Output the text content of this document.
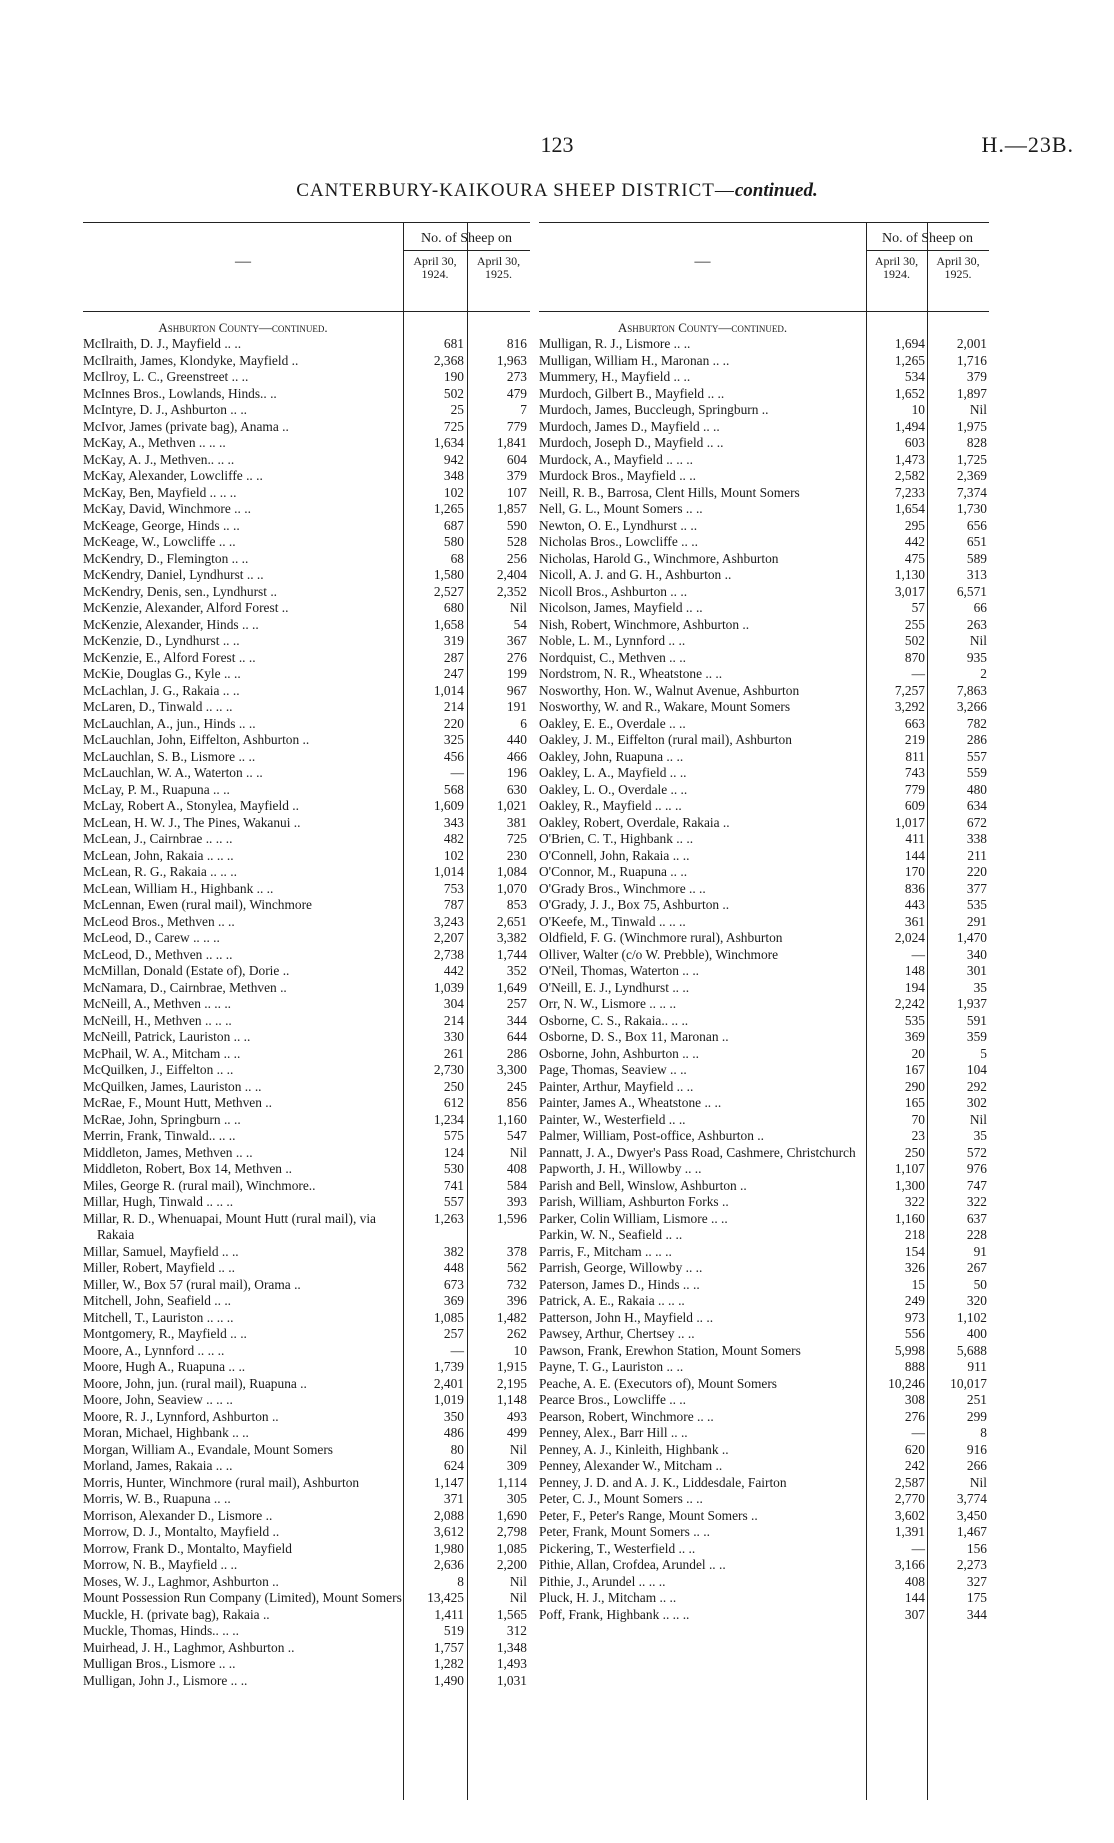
123	H.—23B.
CANTERBURY-KAIKOURA SHEEP DISTRICT—continued.
—
No. of Sheep on
April 30,
1924.
April 30,
1925.
Ashburton County—continued.
McIlraith, D. J., Mayfield .. ..	681	816
McIlraith, James, Klondyke, Mayfield ..	2,368 1,963
McIlroy, L. C., Greenstreet .. ..	190	273
McInnes Bros., Lowlands, Hinds.. ..	502	479
McIntyre, D. J., Ashburton .. ..	25	7
McIvor, James (private bag), Anama ..	725	779
McKay, A., Methven .. .. ..	1,634 1,841
McKay, A. J., Methven.. .. ..	942	604
McKay, Alexander, Lowcliffe .. ..	348	379
McKay, Ben, Mayfield .. .. ..	102	107
McKay, David, Winchmore .. ..	1,265 1,857
McKeage, George, Hinds .. ..	687	590
McKeage, W., Lowcliffe .. ..	580	528
McKendry, D., Flemington .. ..	68	256
McKendry, Daniel, Lyndhurst .. ..	1,580 2,404
McKendry, Denis, sen., Lyndhurst ..	2,527 2,352
McKenzie, Alexander, Alford Forest ..	680	Nil
McKenzie, Alexander, Hinds .. ..	1,658	54
McKenzie, D., Lyndhurst .. ..	319	367
McKenzie, E., Alford Forest .. ..	287	276
McKie, Douglas G., Kyle .. ..	247	199
McLachlan, J. G., Rakaia .. ..	1,014	967
McLaren, D., Tinwald .. .. ..	214	191
McLauchlan, A., jun., Hinds .. ..	220	6
McLauchlan, John, Eiffelton, Ashburton ..	325	440
McLauchlan, S. B., Lismore .. ..	456	466
McLauchlan, W. A., Waterton .. ..	—	196
McLay, P. M., Ruapuna .. ..	568	630
McLay, Robert A., Stonylea, Mayfield ..	1,609 1,021
McLean, H. W. J., The Pines, Wakanui ..	343	381
McLean, J., Cairnbrae .. .. ..	482	725
McLean, John, Rakaia .. .. ..	102	230
McLean, R. G., Rakaia .. .. ..	1,014 1,084
McLean, William H., Highbank .. ..	753 1,070
McLennan, Ewen (rural mail), Winchmore	787	853
McLeod Bros., Methven .. ..	3,243 2,651
McLeod, D., Carew .. .. ..	2,207 3,382
McLeod, D., Methven .. .. ..	2,738 1,744
McMillan, Donald (Estate of), Dorie ..	442	352
McNamara, D., Cairnbrae, Methven ..	1,039 1,649
McNeill, A., Methven .. .. ..	304	257
McNeill, H., Methven .. .. ..	214	344
McNeill, Patrick, Lauriston .. ..	330	644
McPhail, W. A., Mitcham .. ..	261	286
McQuilken, J., Eiffelton .. ..	2,730 3,300
McQuilken, James, Lauriston .. ..	250	245
McRae, F., Mount Hutt, Methven ..	612	856
McRae, John, Springburn .. ..	1,234 1,160
Merrin, Frank, Tinwald.. .. ..	575	547
Middleton, James, Methven .. ..	124	Nil
Middleton, Robert, Box 14, Methven ..	530	408
Miles, George R. (rural mail), Winchmore..	741	584
Millar, Hugh, Tinwald .. .. ..	557	393
Millar, R. D., Whenuapai, Mount Hutt (rural mail), via Rakaia
1,263 1,596
Millar, Samuel, Mayfield .. ..	382	378
Miller, Robert, Mayfield .. ..	448	562
Miller, W., Box 57 (rural mail), Orama ..	673	732
Mitchell, John, Seafield .. ..	369	396
Mitchell, T., Lauriston .. .. ..	1,085 1,482
Montgomery, R., Mayfield .. ..	257	262
Moore, A., Lynnford .. .. ..	—	10
Moore, Hugh A., Ruapuna .. ..	1,739 1,915
Moore, John, jun. (rural mail), Ruapuna ..	2,401 2,195
Moore, John, Seaview .. .. ..	1,019 1,148
Moore, R. J., Lynnford, Ashburton ..	350	493
Moran, Michael, Highbank .. ..	486	499
Morgan, William A., Evandale, Mount Somers	80	Nil
Morland, James, Rakaia .. ..	624	309
Morris, Hunter, Winchmore (rural mail), Ashburton	1,147 1,114
Morris, W. B., Ruapuna .. ..	371	305
Morrison, Alexander D., Lismore ..	2,088 1,690
Morrow, D. J., Montalto, Mayfield ..	3,612 2,798
Morrow, Frank D., Montalto, Mayfield	1,980 1,085
Morrow, N. B., Mayfield .. ..	2,636 2,200
Moses, W. J., Laghmor, Ashburton ..	8	Nil
Mount Possession Run Company (Limited), Mount Somers 13,425	Nil
Muckle, H. (private bag), Rakaia ..	1,411 1,565
Muckle, Thomas, Hinds.. .. ..	519	312
Muirhead, J. H., Laghmor, Ashburton ..	1,757 1,348
Mulligan Bros., Lismore .. ..	1,282 1,493
Mulligan, John J., Lismore .. ..	1,490 1,031
—
No. of Sheep on
April 30,
1924.
April 30,
1925.
Ashburton County—continued.
Mulligan, R. J., Lismore .. ..	1,694 2,001
Mulligan, William H., Maronan .. ..	1,265 1,716
Mummery, H., Mayfield .. ..	534	379
Murdoch, Gilbert B., Mayfield .. ..	1,652 1,897
Murdoch, James, Buccleugh, Springburn ..	10	Nil
Murdoch, James D., Mayfield .. ..	1,494 1,975
Murdoch, Joseph D., Mayfield .. ..	603	828
Murdock, A., Mayfield .. .. ..	1,473 1,725
Murdock Bros., Mayfield .. ..	2,582 2,369
Neill, R. B., Barrosa, Clent Hills, Mount Somers	7,233 7,374
Nell, G. L., Mount Somers .. ..	1,654 1,730
Newton, O. E., Lyndhurst .. ..	295	656
Nicholas Bros., Lowcliffe .. ..	442	651
Nicholas, Harold G., Winchmore, Ashburton	475	589
Nicoll, A. J. and G. H., Ashburton ..	1,130	313
Nicoll Bros., Ashburton .. ..	3,017 6,571
Nicolson, James, Mayfield .. ..	57	66
Nish, Robert, Winchmore, Ashburton ..	255	263
Noble, L. M., Lynnford .. ..	502	Nil
Nordquist, C., Methven .. ..	870	935
Nordstrom, N. R., Wheatstone .. ..	—	2
Nosworthy, Hon. W., Walnut Avenue, Ashburton	7,257 7,863
Nosworthy, W. and R., Wakare, Mount Somers	3,292 3,266
Oakley, E. E., Overdale .. ..	663	782
Oakley, J. M., Eiffelton (rural mail), Ashburton	219	286
Oakley, John, Ruapuna .. ..	811	557
Oakley, L. A., Mayfield .. ..	743	559
Oakley, L. O., Overdale .. ..	779	480
Oakley, R., Mayfield .. .. ..	609	634
Oakley, Robert, Overdale, Rakaia ..	1,017	672
O'Brien, C. T., Highbank .. ..	411	338
O'Connell, John, Rakaia .. ..	144	211
O'Connor, M., Ruapuna .. ..	170	220
O'Grady Bros., Winchmore .. ..	836	377
O'Grady, J. J., Box 75, Ashburton ..	443	535
O'Keefe, M., Tinwald .. .. ..	361	291
Oldfield, F. G. (Winchmore rural), Ashburton	2,024 1,470
Olliver, Walter (c/o W. Prebble), Winchmore	—	340
O'Neil, Thomas, Waterton .. ..	148	301
O'Neill, E. J., Lyndhurst .. ..	194	35
Orr, N. W., Lismore .. .. ..	2,242 1,937
Osborne, C. S., Rakaia.. .. ..	535	591
Osborne, D. S., Box 11, Maronan ..	369	359
Osborne, John, Ashburton .. ..	20	5
Page, Thomas, Seaview .. ..	167	104
Painter, Arthur, Mayfield .. ..	290	292
Painter, James A., Wheatstone .. ..	165	302
Painter, W., Westerfield .. ..	70	Nil
Palmer, William, Post-office, Ashburton ..	23	35
Pannatt, J. A., Dwyer's Pass Road, Cashmere, Christchurch	250	572
Papworth, J. H., Willowby .. ..	1,107	976
Parish and Bell, Winslow, Ashburton ..	1,300	747
Parish, William, Ashburton Forks ..	322	322
Parker, Colin William, Lismore .. ..	1,160	637
Parkin, W. N., Seafield .. ..	218	228
Parris, F., Mitcham .. .. ..	154	91
Parrish, George, Willowby .. ..	326	267
Paterson, James D., Hinds .. ..	15	50
Patrick, A. E., Rakaia .. .. ..	249	320
Patterson, John H., Mayfield .. ..	973 1,102
Pawsey, Arthur, Chertsey .. ..	556	400
Pawson, Frank, Erewhon Station, Mount Somers	5,998 5,688
Payne, T. G., Lauriston .. ..	888	911
Peache, A. E. (Executors of), Mount Somers	10,246 10,017
Pearce Bros., Lowcliffe .. ..	308	251
Pearson, Robert, Winchmore .. ..	276	299
Penney, Alex., Barr Hill .. ..	—	8
Penney, A. J., Kinleith, Highbank ..	620	916
Penney, Alexander W., Mitcham ..	242	266
Penney, J. D. and A. J. K., Liddesdale, Fairton	2,587	Nil
Peter, C. J., Mount Somers .. ..	2,770 3,774
Peter, F., Peter's Range, Mount Somers ..	3,602 3,450
Peter, Frank, Mount Somers .. ..	1,391 1,467
Pickering, T., Westerfield .. ..	—	156
Pithie, Allan, Crofdea, Arundel .. ..	3,166 2,273
Pithie, J., Arundel .. .. ..	408	327
Pluck, H. J., Mitcham .. ..	144	175
Poff, Frank, Highbank .. .. ..	307	344
